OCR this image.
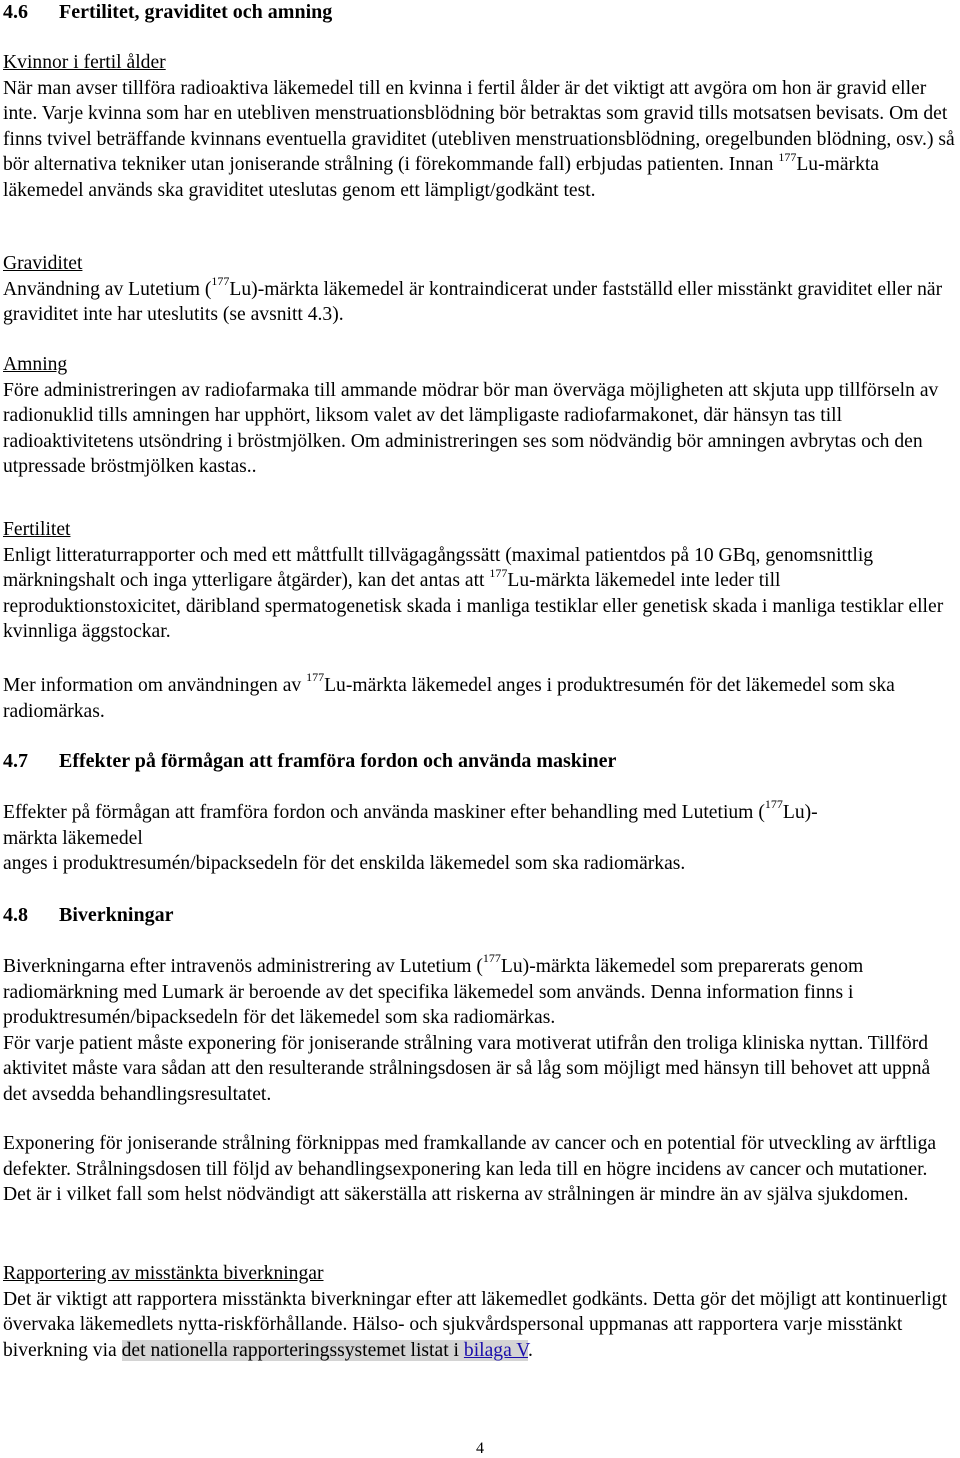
4.6 Fertilitet, graviditet och amning
Kvinnor i fertil ålder
När man avser tillföra radioaktiva läkemedel till en kvinna i fertil ålder är det viktigt att avgöra om hon är gravid eller inte. Varje kvinna som har en utebliven menstruationsblödning bör betraktas som gravid tills motsatsen bevisats. Om det finns tvivel beträffande kvinnans eventuella graviditet (utebliven menstruationsblödning, oregelbunden blödning, osv.) så bör alternativa tekniker utan joniserande strålning (i förekommande fall) erbjudas patienten. Innan $^{177}$Lu-märkta läkemedel används ska graviditet uteslutas genom ett lämpligt/godkänt test.
Graviditet
Användning av Lutetium ($^{177}$Lu)-märkta läkemedel är kontraindicerat under fastställd eller misstänkt graviditet eller när graviditet inte har uteslutits (se avsnitt 4.3).
Amning
Före administreringen av radiofarmaka till ammande mödrar bör man överväga möjligheten att skjuta upp tillförseln av radionuklid tills amningen har upphört, liksom valet av det lämpligaste radiofarmakonet, där hänsyn tas till radioaktivitetens utsöndring i bröstmjölken. Om administreringen ses som nödvändig bör amningen avbrytas och den utpressade bröstmjölken kastas..
Fertilitet
Enligt litteraturrapporter och med ett måttfullt tillvägagångssätt (maximal patientdos på 10 GBq, genomsnittlig märkningshalt och inga ytterligare åtgärder), kan det antas att $^{177}$Lu-märkta läkemedel inte leder till reproduktionstoxicitet, däribland spermatogenetisk skada i manliga testiklar eller genetisk skada i manliga testiklar eller kvinnliga äggstockar.
Mer information om användningen av $^{177}$Lu-märkta läkemedel anges i produktresumén för det läkemedel som ska radiomärkas.
4.7 Effekter på förmågan att framföra fordon och använda maskiner
Effekter på förmågan att framföra fordon och använda maskiner efter behandling med Lutetium ($^{177}$Lu)-
märkta läkemedel
anges i produktresumén/bipacksedeln för det enskilda läkemedel som ska radiomärkas.
4.8 Biverkningar
Biverkningarna efter intravenös administrering av Lutetium ($^{177}$Lu)-märkta läkemedel som preparerats genom radiomärkning med Lumark är beroende av det specifika läkemedel som används. Denna information finns i produktresumén/bipacksedeln för det läkemedel som ska radiomärkas.
För varje patient måste exponering för joniserande strålning vara motiverat utifrån den troliga kliniska nyttan. Tillförd aktivitet måste vara sådan att den resulterande strålningsdosen är så låg som möjligt med hänsyn till behovet att uppnå det avsedda behandlingsresultatet.
Exponering för joniserande strålning förknippas med framkallande av cancer och en potential för utveckling av ärftliga defekter. Strålningsdosen till följd av behandlingsexponering kan leda till en högre incidens av cancer och mutationer. Det är i vilket fall som helst nödvändigt att säkerställa att riskerna av strålningen är mindre än av själva sjukdomen.
Rapportering av misstänkta biverkningar
Det är viktigt att rapportera misstänkta biverkningar efter att läkemedlet godkänts. Detta gör det möjligt att kontinuerligt övervaka läkemedlets nytta-riskförhållande. Hälso- och sjukvårdspersonal uppmanas att rapportera varje misstänkt biverkning via det nationella rapporteringssystemet listat i bilaga V.
4
